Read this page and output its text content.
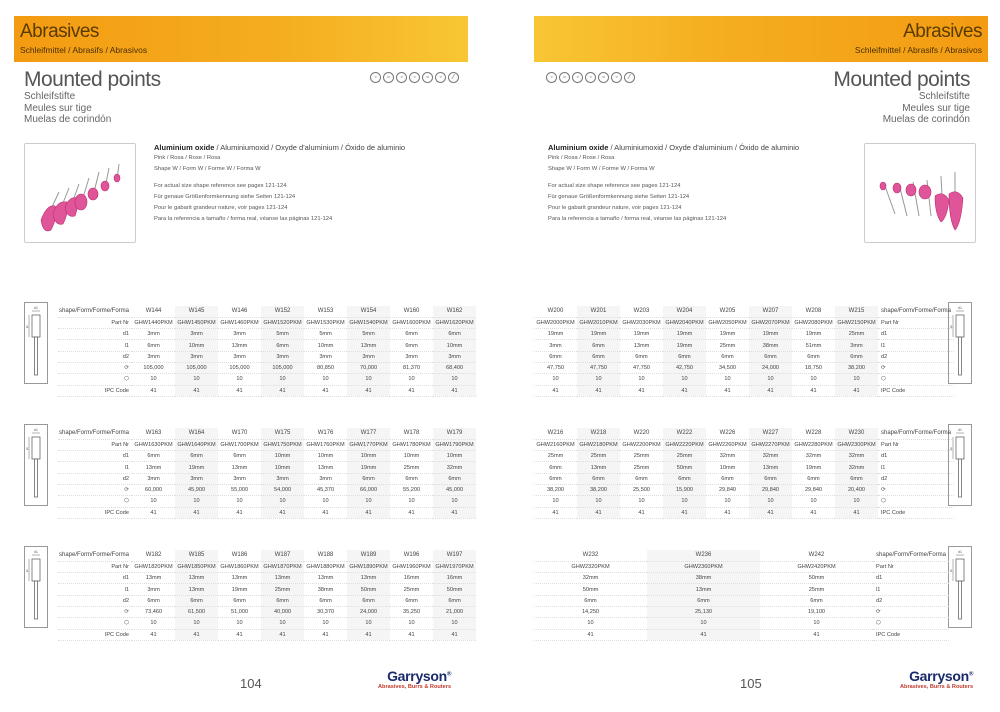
Abrasives
Schleifmittel / Abrasifs / Abrasivos
Mounted points
Schleifstifte
Meules sur tige
Muelas de corindón
◦	▫	◦	◦	▫	◦	⁄
Aluminium oxide / Aluminiumoxid / Oxyde d'aluminium / Óxido de aluminio
Pink / Rosa / Rose / Rosa
Shape W / Form W / Forme W / Forma W
For actual size shape reference see pages 121-124
Für genaue Größenformkennung siehe Seiten 121-124
Pour le gabarit grandeur nature, voir pages 121-124
Para la referencia a tamaño / forma real, véanse las páginas 121-124
d1
l1
shape/Form/Forme/Forma	W144	W145	W146	W152	W153	W154	W160	W162
Part Nr	GHW1440PKM	GHW1450PKM	GHW1460PKM	GHW1520PKM	GHW1530PKM	GHW1540PKM	GHW1600PKM	GHW1620PKM
d1	3mm	3mm	3mm	5mm	5mm	5mm	6mm	6mm
l1	6mm	10mm	13mm	6mm	10mm	13mm	6mm	10mm
d2	3mm	3mm	3mm	3mm	3mm	3mm	3mm	3mm
⟳	105,000	105,000	105,000	105,000	80,850	70,000	81,370	68,400
⬡	10	10	10	10	10	10	10	10
IPC Code	41	41	41	41	41	41	41	41
d1
l1
shape/Form/Forme/Forma	W163	W164	W170	W175	W176	W177	W178	W179
Part Nr	GHW1630PKM	GHW1640PKM	GHW1700PKM	GHW1750PKM	GHW1760PKM	GHW1770PKM	GHW1780PKM	GHW1790PKM
d1	6mm	6mm	6mm	10mm	10mm	10mm	10mm	10mm
l1	13mm	19mm	13mm	10mm	13mm	19mm	25mm	32mm
d2	3mm	3mm	3mm	3mm	3mm	6mm	6mm	6mm
⟳	60,000	45,900	55,000	54,000	45,370	66,000	55,200	45,000
⬡	10	10	10	10	10	10	10	10
IPC Code	41	41	41	41	41	41	41	41
d1
l1
shape/Form/Forme/Forma	W182	W185	W186	W187	W188	W189	W196	W197
Part Nr	GHW1820PKM	GHW1850PKM	GHW1860PKM	GHW1870PKM	GHW1880PKM	GHW1890PKM	GHW1960PKM	GHW1970PKM
d1	13mm	13mm	13mm	13mm	13mm	13mm	16mm	16mm
l1	3mm	13mm	19mm	25mm	38mm	50mm	25mm	50mm
d2	6mm	6mm	6mm	6mm	6mm	6mm	6mm	6mm
⟳	73,460	61,500	51,000	40,000	30,370	24,000	35,250	21,000
⬡	10	10	10	10	10	10	10	10
IPC Code	41	41	41	41	41	41	41	41
104	Garryson®
Abrasives, Burrs & Routers
Abrasives
Schleifmittel / Abrasifs / Abrasivos
Mounted points
Schleifstifte
Meules sur tige
Muelas de corindón
◦	▫	◦	◦	▫	◦	⁄
Aluminium oxide / Aluminiumoxid / Oxyde d'aluminium / Óxido de aluminio
Pink / Rosa / Rose / Rosa
Shape W / Form W / Forme W / Forma W
For actual size shape reference see pages 121-124
Für genaue Größenformkennung siehe Seiten 121-124
Pour le gabarit grandeur nature, voir pages 121-124
Para la referencia a tamaño / forma real, véanse las páginas 121-124
d1
l1
W200	W201	W203	W204	W205	W207	W208	W215	shape/Form/Forme/Forma
GHW2000PKM	GHW2010PKM	GHW2030PKM	GHW2040PKM	GHW2050PKM	GHW2070PKM	GHW2080PKM	GHW2150PKM	Part Nr
19mm	19mm	19mm	19mm	19mm	19mm	19mm	25mm	d1
3mm	6mm	13mm	19mm	25mm	38mm	51mm	3mm	l1
6mm	6mm	6mm	6mm	6mm	6mm	6mm	6mm	d2
47,750	47,750	47,750	42,750	34,500	24,000	18,750	38,200	⟳
10	10	10	10	10	10	10	10	⬡
41	41	41	41	41	41	41	41	IPC Code
d1
l1
W216	W218	W220	W222	W226	W227	W228	W230	shape/Form/Forme/Forma
GHW2160PKM	GHW2180PKM	GHW2200PKM	GHW2220PKM	GHW2260PKM	GHW2270PKM	GHW2280PKM	GHW2300PKM	Part Nr
25mm	25mm	25mm	25mm	32mm	32mm	32mm	32mm	d1
6mm	13mm	25mm	50mm	10mm	13mm	19mm	32mm	l1
6mm	6mm	6mm	6mm	6mm	6mm	6mm	6mm	d2
38,200	38,200	25,500	15,900	29,840	29,840	29,840	20,400	⟳
10	10	10	10	10	10	10	10	⬡
41	41	41	41	41	41	41	41	IPC Code
d1
l1
W232	W236	W242	shape/Form/Forme/Forma
GHW2320PKM	GHW2360PKM	GHW2420PKM	Part Nr
32mm	38mm	50mm	d1
50mm	13mm	25mm	l1
6mm	6mm	6mm	d2
14,250	25,130	19,100	⟳
10	10	10	⬡
41	41	41	IPC Code
105	Garryson®
Abrasives, Burrs & Routers
